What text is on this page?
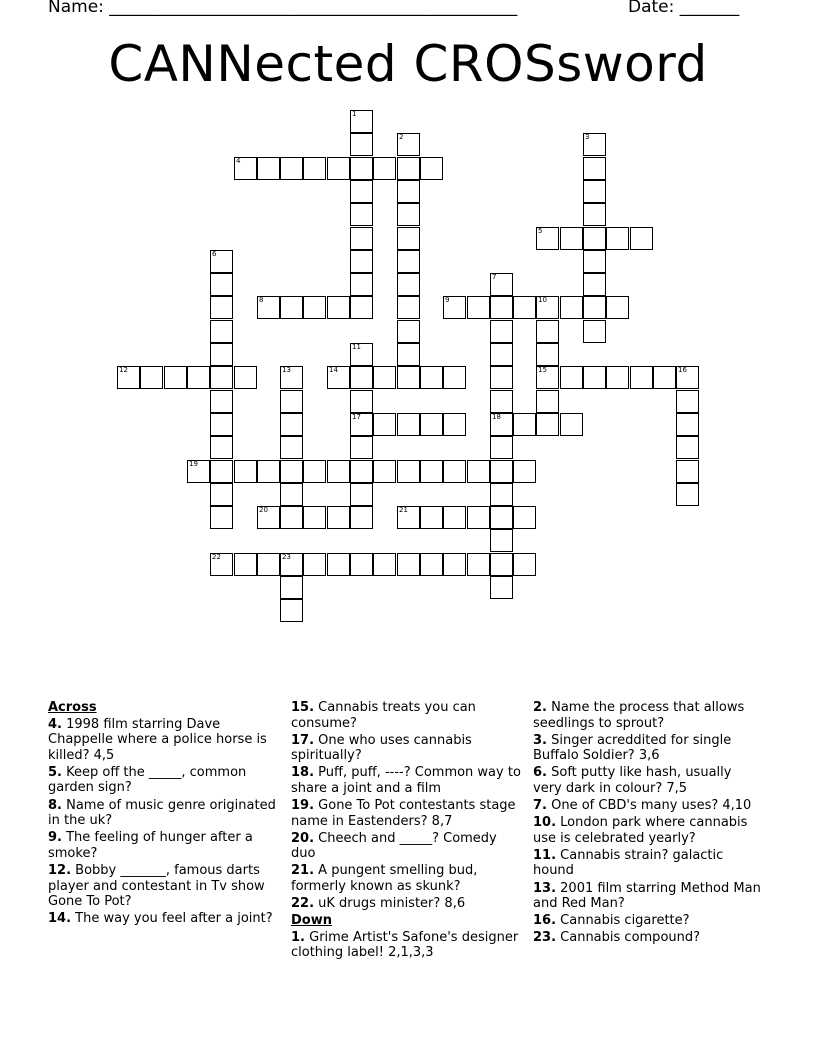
Name: ________________________________________________	Date: _______
CANNected CROSsword
1
2	3
4
5
6
7
18
8	9	10
15
11
17
12	13	14	16
19
20	21
22	23
Across
4. 1998 film starring Dave Chappelle where a police horse is killed? 4,5
5. Keep off the _____, common garden sign?
8. Name of music genre originated in the uk?
9. The feeling of hunger after a smoke?
12. Bobby _______, famous darts player and contestant in Tv show Gone To Pot?
14. The way you feel after a joint?
15. Cannabis treats you can consume?
17. One who uses cannabis spiritually?
18. Puff, puff, ----? Common way to share a joint and a film
19. Gone To Pot contestants stage name in Eastenders? 8,7
20. Cheech and _____? Comedy duo
21. A pungent smelling bud, formerly known as skunk?
22. uK drugs minister? 8,6
Down
1. Grime Artist's Safone's designer clothing label! 2,1,3,3
2. Name the process that allows seedlings to sprout?
3. Singer acreddited for single Buffalo Soldier? 3,6
6. Soft putty like hash, usually very dark in colour? 7,5
7. One of CBD's many uses? 4,10
10. London park where cannabis use is celebrated yearly?
11. Cannabis strain? galactic hound
13. 2001 film starring Method Man and Red Man?
16. Cannabis cigarette?
23. Cannabis compound?
